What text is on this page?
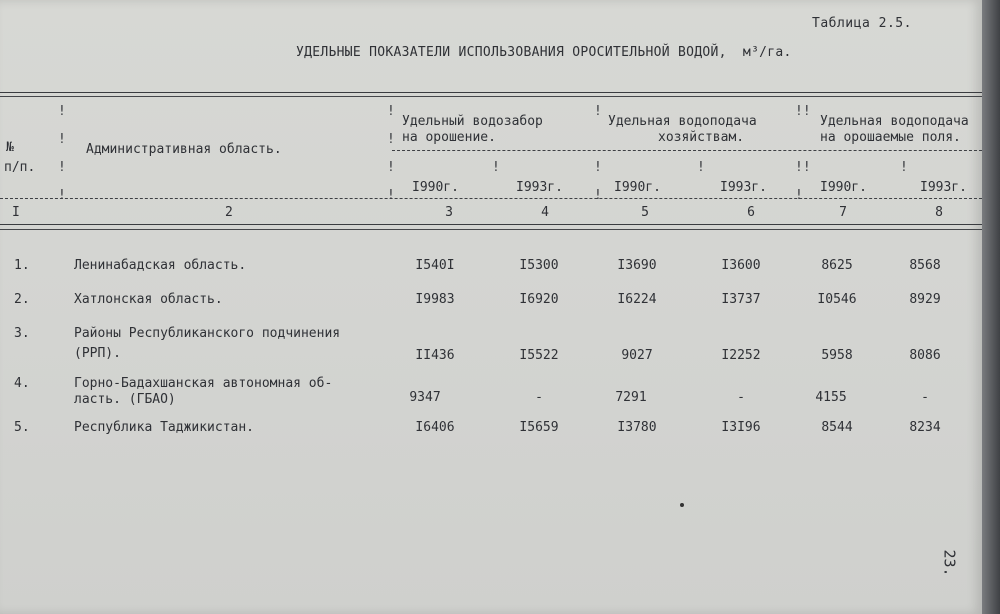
Таблица 2.5.
УДЕЛЬНЫЕ ПОКАЗАТЕЛИ ИСПОЛЬЗОВАНИЯ ОРОСИТЕЛЬНОЙ ВОДОЙ, м³/га.
!
!
!
!
!
!
!
!
!
!
!
!
!
!!
!!
!
!
№
п/п.
Административная область.
Удельный водозабор
на орошение.
Удельная водоподача
хозяйствам.
Удельная водоподача
на орошаемые поля.
I990г.	I993г.	I990г.	I993г.	I990г.	I993г.
I	2	3	4	5	6	7	8
1.	Ленинабадская область.	I540I	I5300	I3690	I3600	8625	8568
2.	Хатлонская область.	I9983	I6920	I6224	I3737	I0546	8929
3.	Районы Республиканского подчинения
(РРП).	II436	I5522	9027	I2252	5958	8086
4.	Горно-Бадахшанская автономная об-
ласть. (ГБАО)	9347	-	7291	-	4155	-
5.	Республика Таджикистан.	I6406	I5659	I3780	I3I96	8544	8234
23.
